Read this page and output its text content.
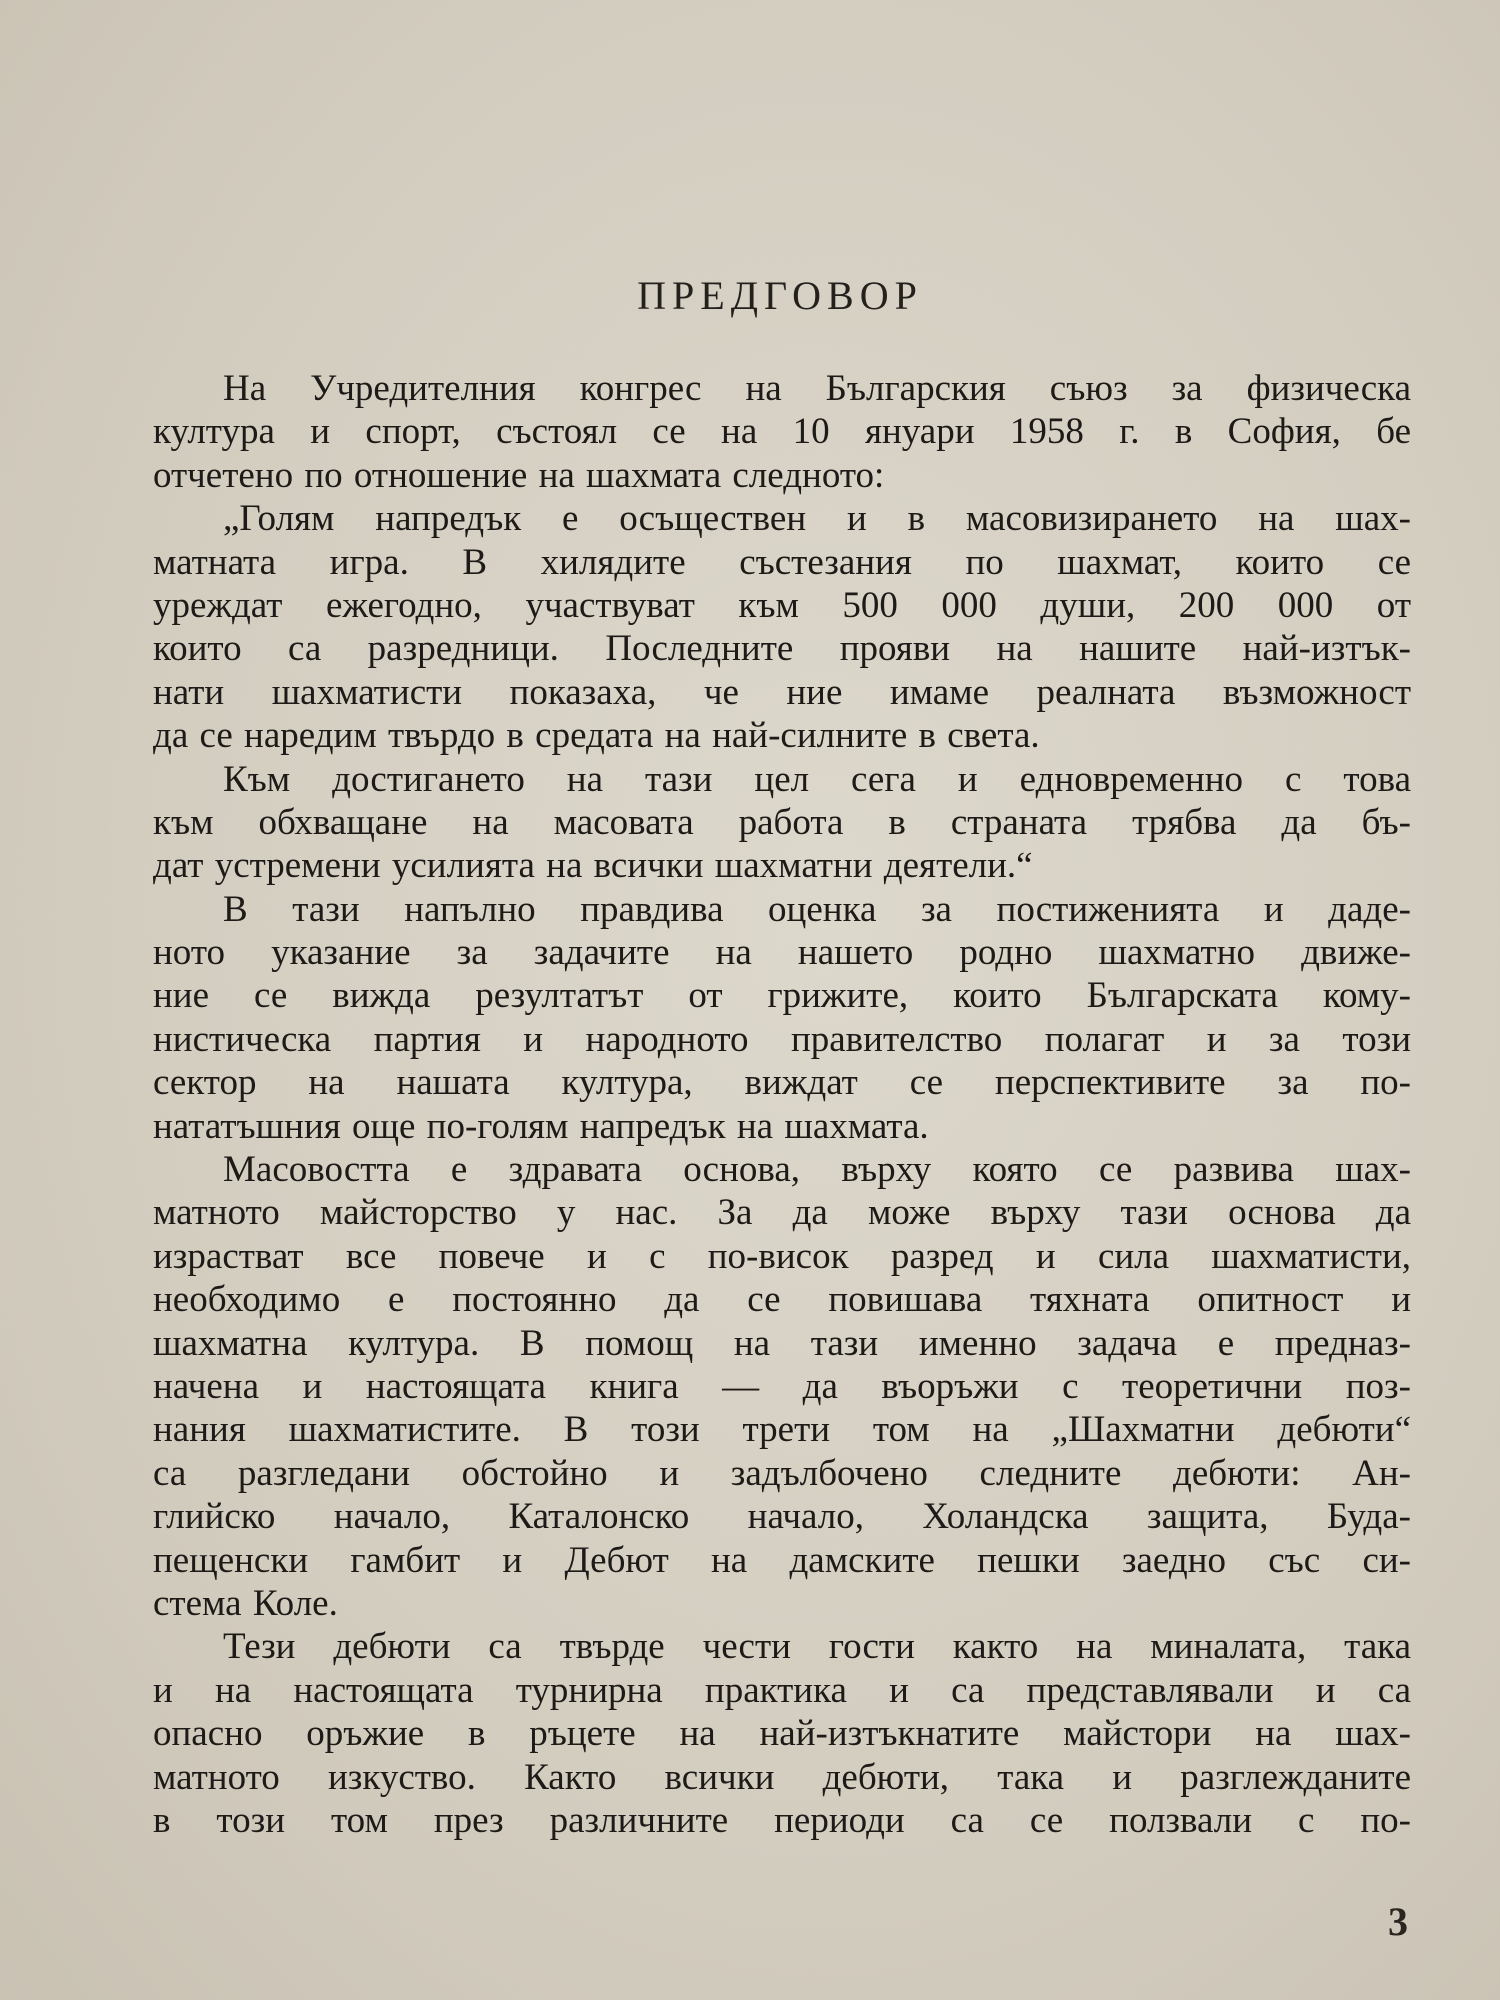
ПРЕДГОВОР
На Учредителния конгрес на Българския съюз за физическа
култура и спорт, състоял се на 10 януари 1958 г. в София, бе
отчетено по отношение на шахмата следното:
„Голям напредък е осъществен и в масовизирането на шах-
матната игра. В хилядите състезания по шахмат, които се
уреждат ежегодно, участвуват към 500 000 души, 200 000 от
които са разредници. Последните прояви на нашите най-изтък-
нати шахматисти показаха, че ние имаме реалната възможност
да се наредим твърдо в средата на най-силните в света.
Към достигането на тази цел сега и едновременно с това
към обхващане на масовата работа в страната трябва да бъ-
дат устремени усилията на всички шахматни деятели.“
В тази напълно правдива оценка за постиженията и даде-
ното указание за задачите на нашето родно шахматно движе-
ние се вижда резултатът от грижите, които Българската кому-
нистическа партия и народното правителство полагат и за този
сектор на нашата култура, виждат се перспективите за по-
нататъшния още по-голям напредък на шахмата.
Масовостта е здравата основа, върху която се развива шах-
матното майсторство у нас. За да може върху тази основа да
израстват все повече и с по-висок разред и сила шахматисти,
необходимо е постоянно да се повишава тяхната опитност и
шахматна култура. В помощ на тази именно задача е предназ-
начена и настоящата книга — да въоръжи с теоретични поз-
нания шахматистите. В този трети том на „Шахматни дебюти“
са разгледани обстойно и задълбочено следните дебюти: Ан-
глийско начало, Каталонско начало, Холандска защита, Буда-
пещенски гамбит и Дебют на дамските пешки заедно със си-
стема Коле.
Тези дебюти са твърде чести гости както на миналата, така
и на настоящата турнирна практика и са представлявали и са
опасно оръжие в ръцете на най-изтъкнатите майстори на шах-
матното изкуство. Както всички дебюти, така и разглежданите
в този том през различните периоди са се ползвали с по-
3
